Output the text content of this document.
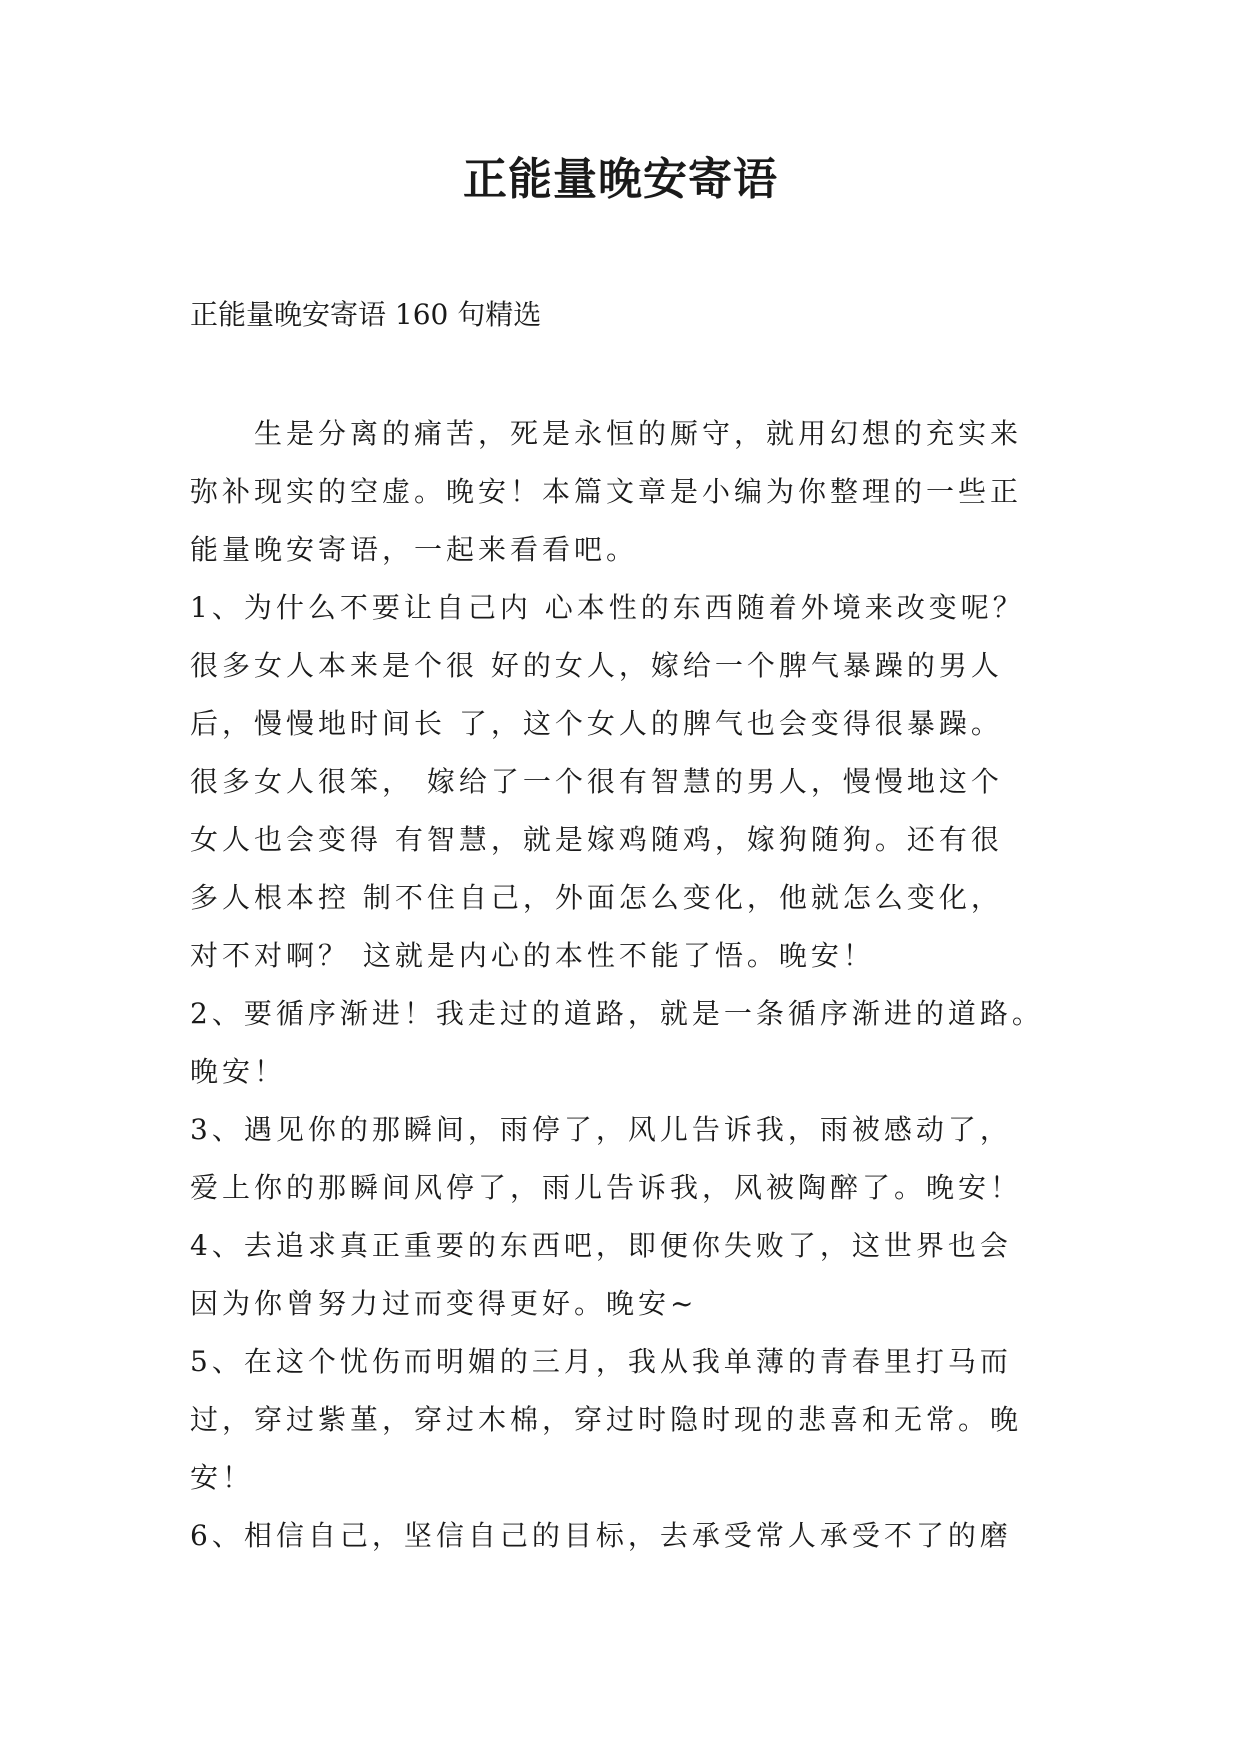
正能量晚安寄语

正能量晚安寄语 160 句精选

　　生是分离的痛苦，死是永恒的厮守，就用幻想的充实来
弥补现实的空虚。晚安！本篇文章是小编为你整理的一些正
能量晚安寄语，一起来看看吧。
1、为什么不要让自己内 心本性的东西随着外境来改变呢？
很多女人本来是个很 好的女人，嫁给一个脾气暴躁的男人
后，慢慢地时间长 了，这个女人的脾气也会变得很暴躁。
很多女人很笨， 嫁给了一个很有智慧的男人，慢慢地这个
女人也会变得 有智慧，就是嫁鸡随鸡，嫁狗随狗。还有很
多人根本控 制不住自己，外面怎么变化，他就怎么变化，
对不对啊？ 这就是内心的本性不能了悟。晚安！
2、要循序渐进！我走过的道路，就是一条循序渐进的道路。
晚安！
3、遇见你的那瞬间，雨停了，风儿告诉我，雨被感动了，
爱上你的那瞬间风停了，雨儿告诉我，风被陶醉了。晚安！
4、去追求真正重要的东西吧，即便你失败了，这世界也会
因为你曾努力过而变得更好。晚安~
5、在这个忧伤而明媚的三月，我从我单薄的青春里打马而
过，穿过紫堇，穿过木棉，穿过时隐时现的悲喜和无常。晚
安！
6、相信自己，坚信自己的目标，去承受常人承受不了的磨
